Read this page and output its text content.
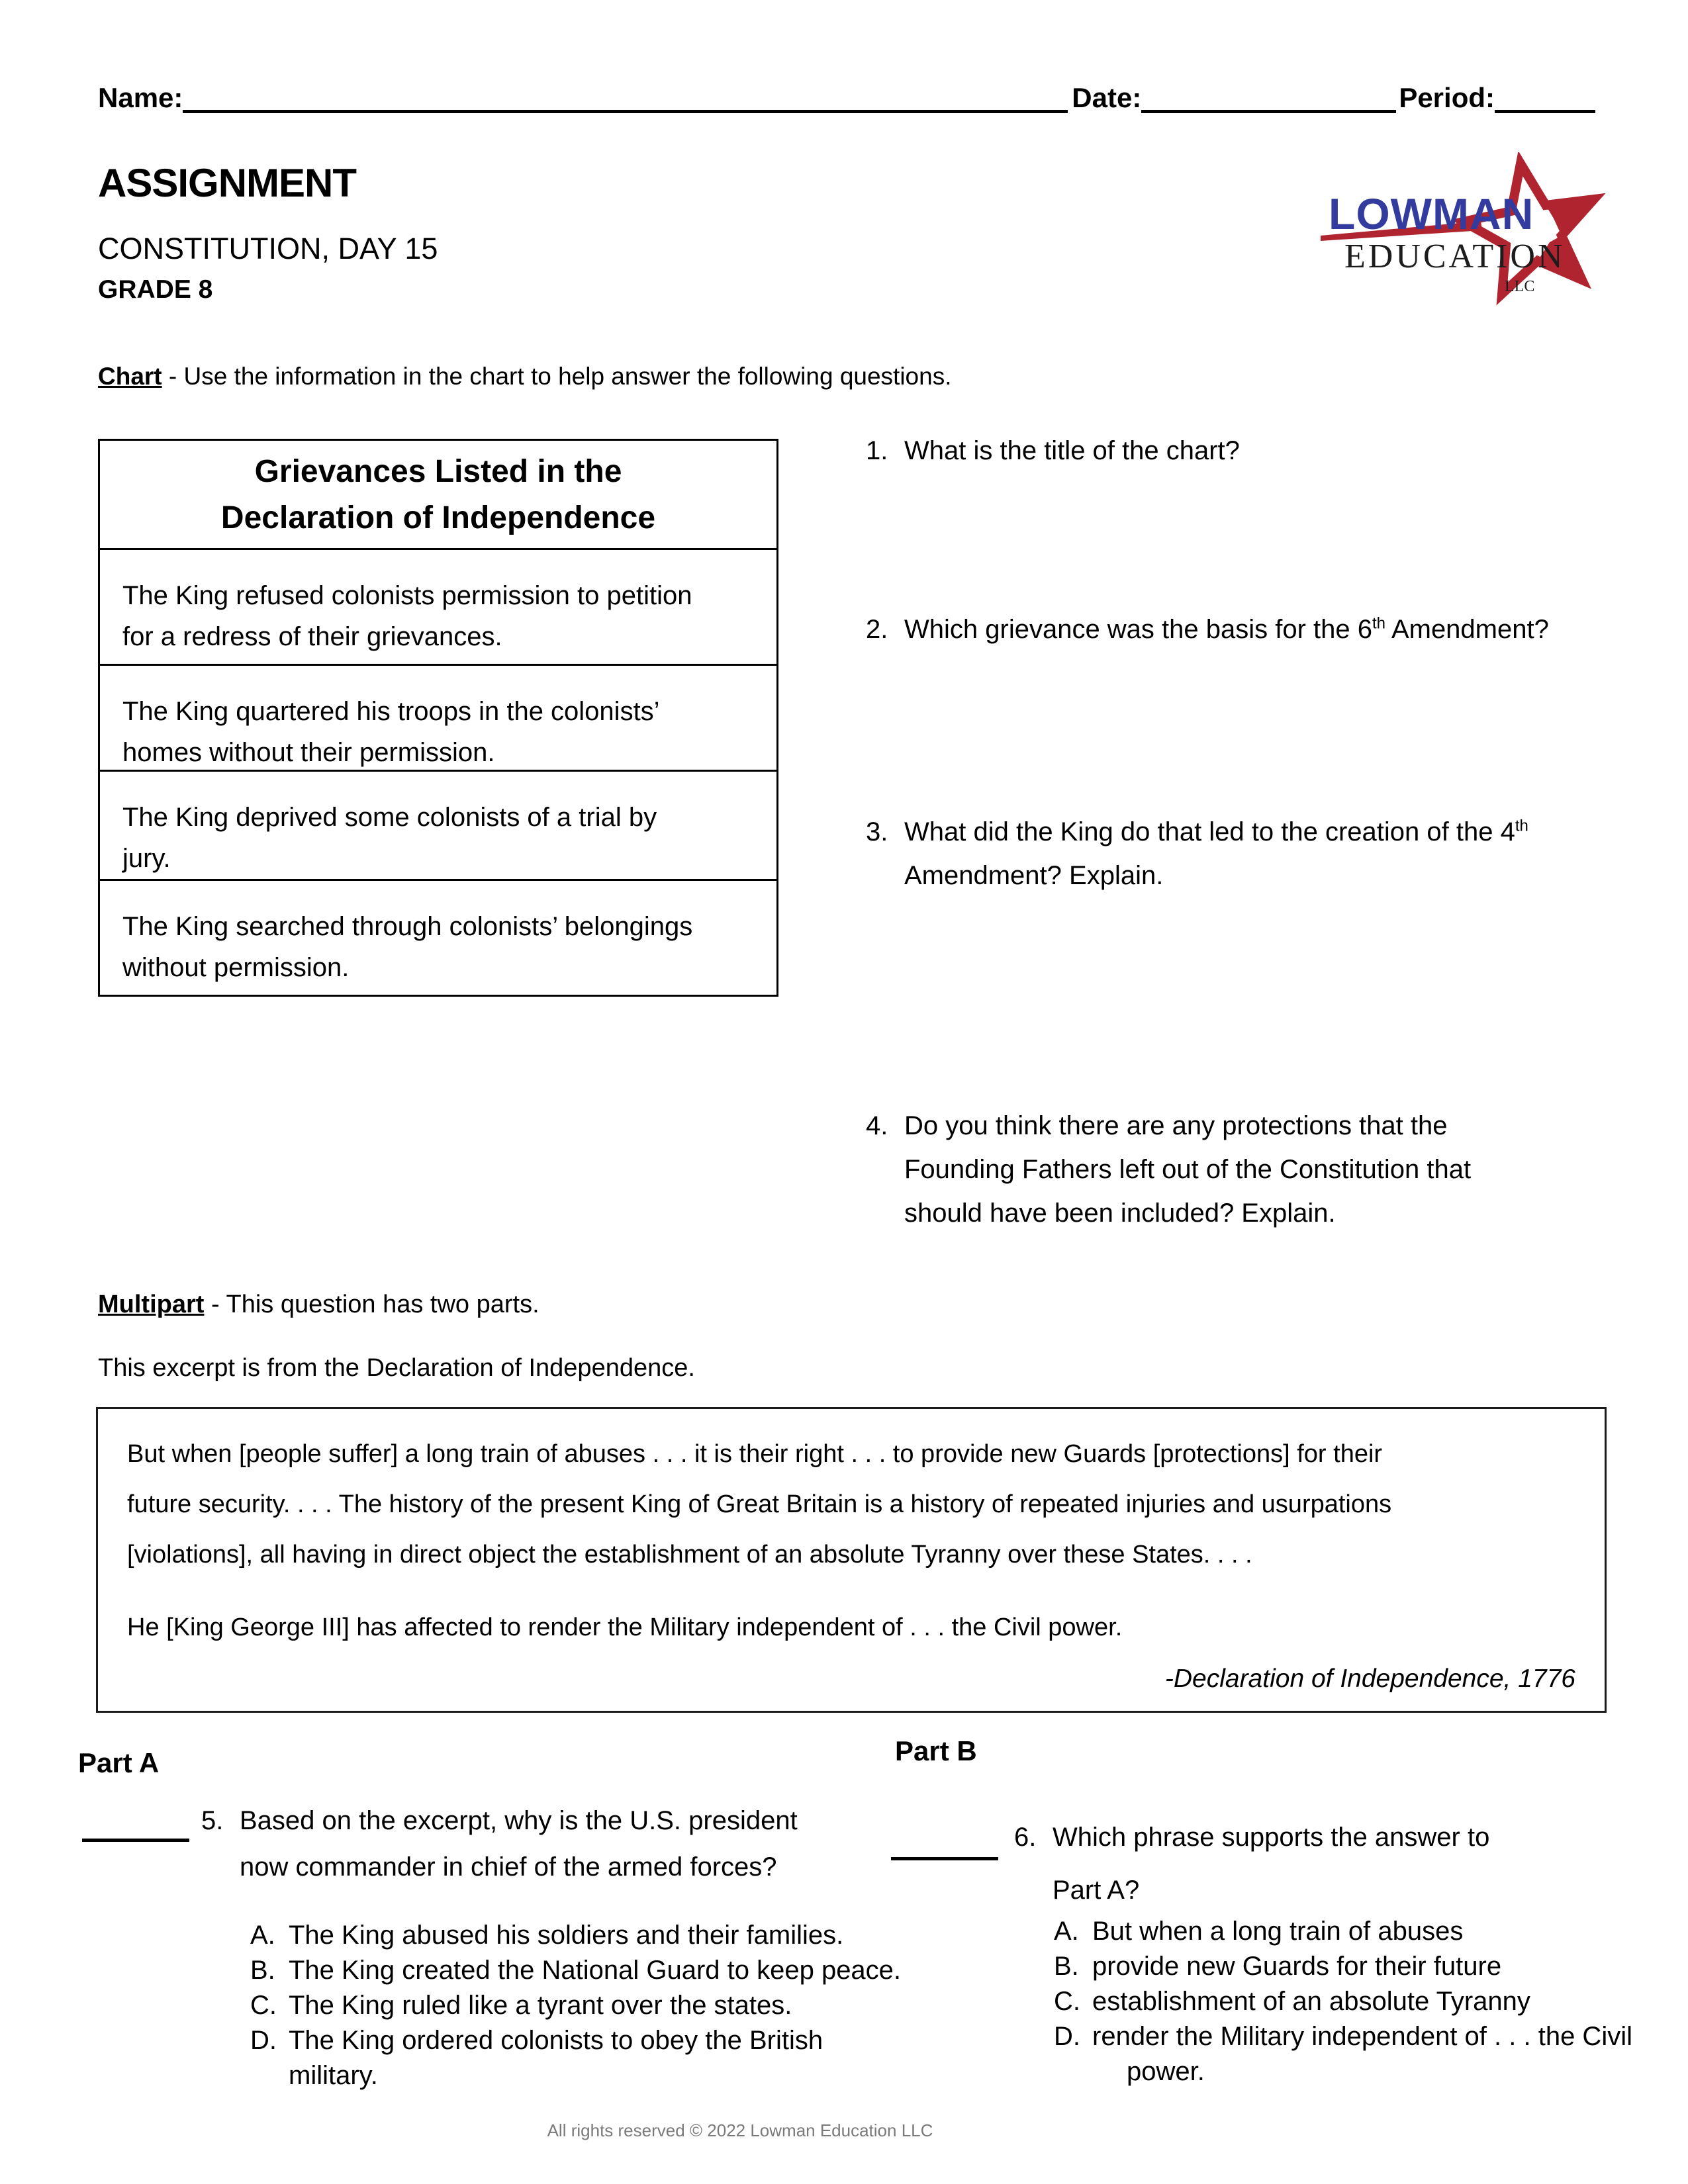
Name:	Date:	Period:
ASSIGNMENT
CONSTITUTION, DAY 15
GRADE 8
LOWMAN
EDUCATION
LLC
Chart - Use the information in the chart to help answer the following questions.
Grievances Listed in the
Declaration of Independence
The King refused colonists permission to petition
for a redress of their grievances.
The King quartered his troops in the colonists’
homes without their permission.
The King deprived some colonists of a trial by
jury.
The King searched through colonists’ belongings
without permission.
1. What is the title of the chart?
2. Which grievance was the basis for the 6th Amendment?
3. What did the King do that led to the creation of the 4th
Amendment? Explain.
4. Do you think there are any protections that the
Founding Fathers left out of the Constitution that
should have been included? Explain.
Multipart - This question has two parts.
This excerpt is from the Declaration of Independence.
But when [people suffer] a long train of abuses . . . it is their right . . . to provide new Guards [protections] for their
future security. . . . The history of the present King of Great Britain is a history of repeated injuries and usurpations
[violations], all having in direct object the establishment of an absolute Tyranny over these States. . . .
He [King George III] has affected to render the Military independent of . . . the Civil power.
-Declaration of Independence, 1776
Part A
5. Based on the excerpt, why is the U.S. president
now commander in chief of the armed forces?
A. The King abused his soldiers and their families.
B. The King created the National Guard to keep peace.
C. The King ruled like a tyrant over the states.
D. The King ordered colonists to obey the British military.
Part B
6. Which phrase supports the answer to
Part A?
A. But when a long train of abuses
B. provide new Guards for their future
C. establishment of an absolute Tyranny
D. render the Military independent of . . . the Civil power.
All rights reserved © 2022 Lowman Education LLC
